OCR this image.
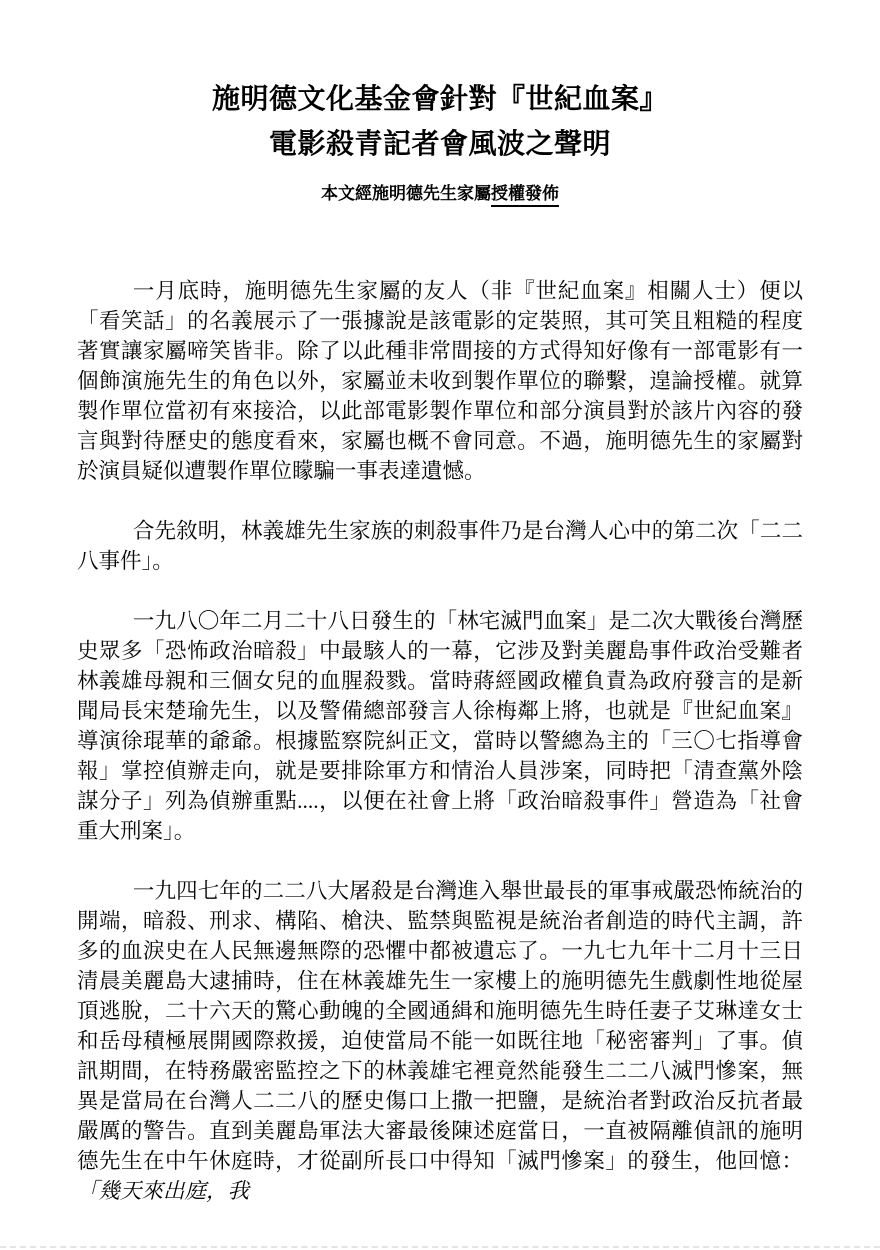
施明德文化基金會針對『世紀血案』
電影殺青記者會風波之聲明

本文經施明德先生家屬授權發佈

一月底時，施明德先生家屬的友人（非『世紀血案』相關人士）便以「看笑話」的名義展示了一張據說是該電影的定裝照，其可笑且粗糙的程度著實讓家屬啼笑皆非。除了以此種非常間接的方式得知好像有一部電影有一個飾演施先生的角色以外，家屬並未收到製作單位的聯繫，遑論授權。就算製作單位當初有來接洽，以此部電影製作單位和部分演員對於該片內容的發言與對待歷史的態度看來，家屬也概不會同意。不過，施明德先生的家屬對於演員疑似遭製作單位矇騙一事表達遺憾。

合先敘明，林義雄先生家族的刺殺事件乃是台灣人心中的第二次「二二八事件」。

一九八〇年二月二十八日發生的「林宅滅門血案」是二次大戰後台灣歷史眾多「恐怖政治暗殺」中最駭人的一幕，它涉及對美麗島事件政治受難者林義雄母親和三個女兒的血腥殺戮。當時蔣經國政權負責為政府發言的是新聞局長宋楚瑜先生，以及警備總部發言人徐梅鄰上將，也就是『世紀血案』導演徐琨華的爺爺。根據監察院糾正文，當時以警總為主的「三〇七指導會報」掌控偵辦走向，就是要排除軍方和情治人員涉案，同時把「清查黨外陰謀分子」列為偵辦重點....，以便在社會上將「政治暗殺事件」營造為「社會重大刑案」。

一九四七年的二二八大屠殺是台灣進入舉世最長的軍事戒嚴恐怖統治的開端，暗殺、刑求、構陷、槍決、監禁與監視是統治者創造的時代主調，許多的血淚史在人民無邊無際的恐懼中都被遺忘了。一九七九年十二月十三日清晨美麗島大逮捕時，住在林義雄先生一家樓上的施明德先生戲劇性地從屋頂逃脫，二十六天的驚心動魄的全國通緝和施明德先生時任妻子艾琳達女士和岳母積極展開國際救援，迫使當局不能一如既往地「秘密審判」了事。偵訊期間，在特務嚴密監控之下的林義雄宅裡竟然能發生二二八滅門慘案，無異是當局在台灣人二二八的歷史傷口上撒一把鹽，是統治者對政治反抗者最嚴厲的警告。直到美麗島軍法大審最後陳述庭當日，一直被隔離偵訊的施明德先生在中午休庭時，才從副所長口中得知「滅門慘案」的發生，他回憶：「幾天來出庭，我
